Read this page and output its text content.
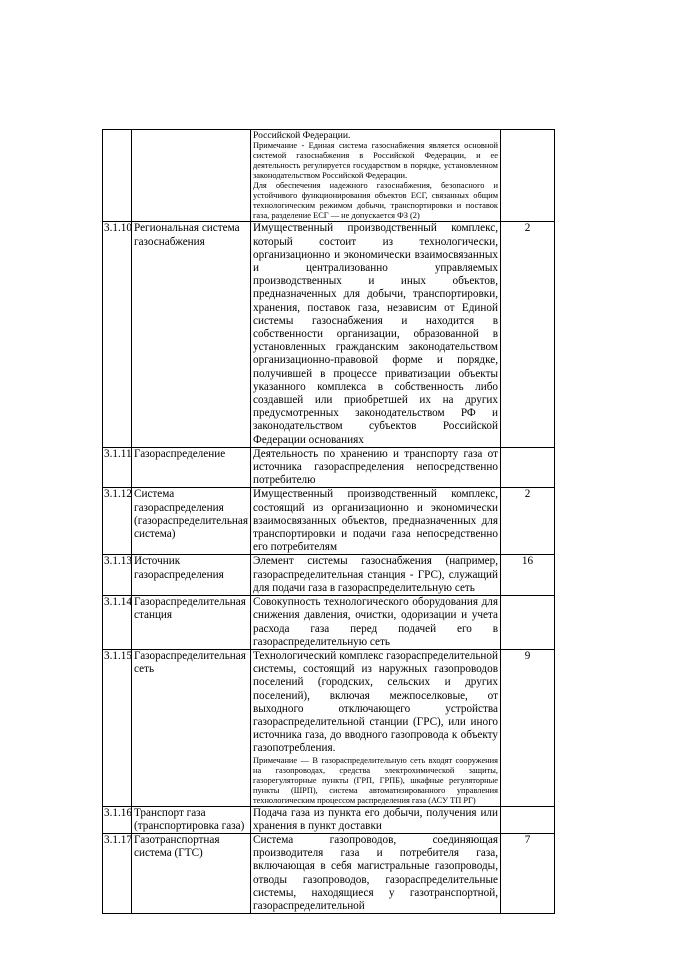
		Российской Федерации.
Примечание - Единая система газоснабжения является основной системой газоснабжения в Российской Федерации, и ее деятельность регулируется государством в порядке, установленном законодательством Российской Федерации.
Для обеспечения надежного газоснабжения, безопасного и устойчивого функционирования объектов ЕСГ, связанных общим технологическим режимом добычи, транспортировки и поставок газа, разделение ЕСГ — не допускается ФЗ (2)	

3.1.10	Региональная система газоснабжения	Имущественный производственный комплекс, который состоит из технологически, организационно и экономически взаимосвязанных и централизованно управляемых производственных и иных объектов, предназначенных для добычи, транспортировки, хранения, поставок газа, независим от Единой системы газоснабжения и находится в собственности организации, образованной в установленных гражданским законодательством организационно-правовой форме и порядке, получившей в процессе приватизации объекты указанного комплекса в собственность либо создавшей или приобретшей их на других предусмотренных законодательством РФ и законодательством субъектов Российской Федерации основаниях	2
3.1.11	Газораспределение	Деятельность по хранению и транспорту газа от источника газораспределения непосредственно потребителю	
3.1.12	Система газораспределения (газораспределительная система)	Имущественный производственный комплекс, состоящий из организационно и экономически взаимосвязанных объектов, предназначенных для транспортировки и подачи газа непосредственно его потребителям	2
3.1.13	Источник газораспределения	Элемент системы газоснабжения (например, газораспределительная станция - ГРС), служащий для подачи газа в газораспределительную сеть	16
3.1.14	Газораспределительная станция	Совокупность технологического оборудования для снижения давления, очистки, одоризации и учета расхода газа перед подачей его в газораспределительную сеть	
3.1.15	Газораспределительная сеть	Технологический комплекс газораспределительной системы, состоящий из наружных газопроводов поселений (городских, сельских и других поселений), включая межпоселковые, от выходного отключающего устройства газораспределительной станции (ГРС), или иного источника газа, до вводного газопровода к объекту газопотребления.
Примечание — В газораспределительную сеть входят сооружения на газопроводах, средства электрохимической защиты, газорегуляторные пункты (ГРП, ГРПБ), шкафные регуляторные пункты (ШРП), система автоматизированного управления технологическим процессом распределения газа (АСУ ТП РГ)	9
3.1.16	Транспорт газа (транспортировка газа)	Подача газа из пункта его добычи, получения или хранения в пункт доставки	
3.1.17	Газотранспортная система (ГТС)	Система газопроводов, соединяющая производителя газа и потребителя газа, включающая в себя магистральные газопроводы, отводы газопроводов, газораспределительные системы, находящиеся у газотранспортной, газораспределительной	7
